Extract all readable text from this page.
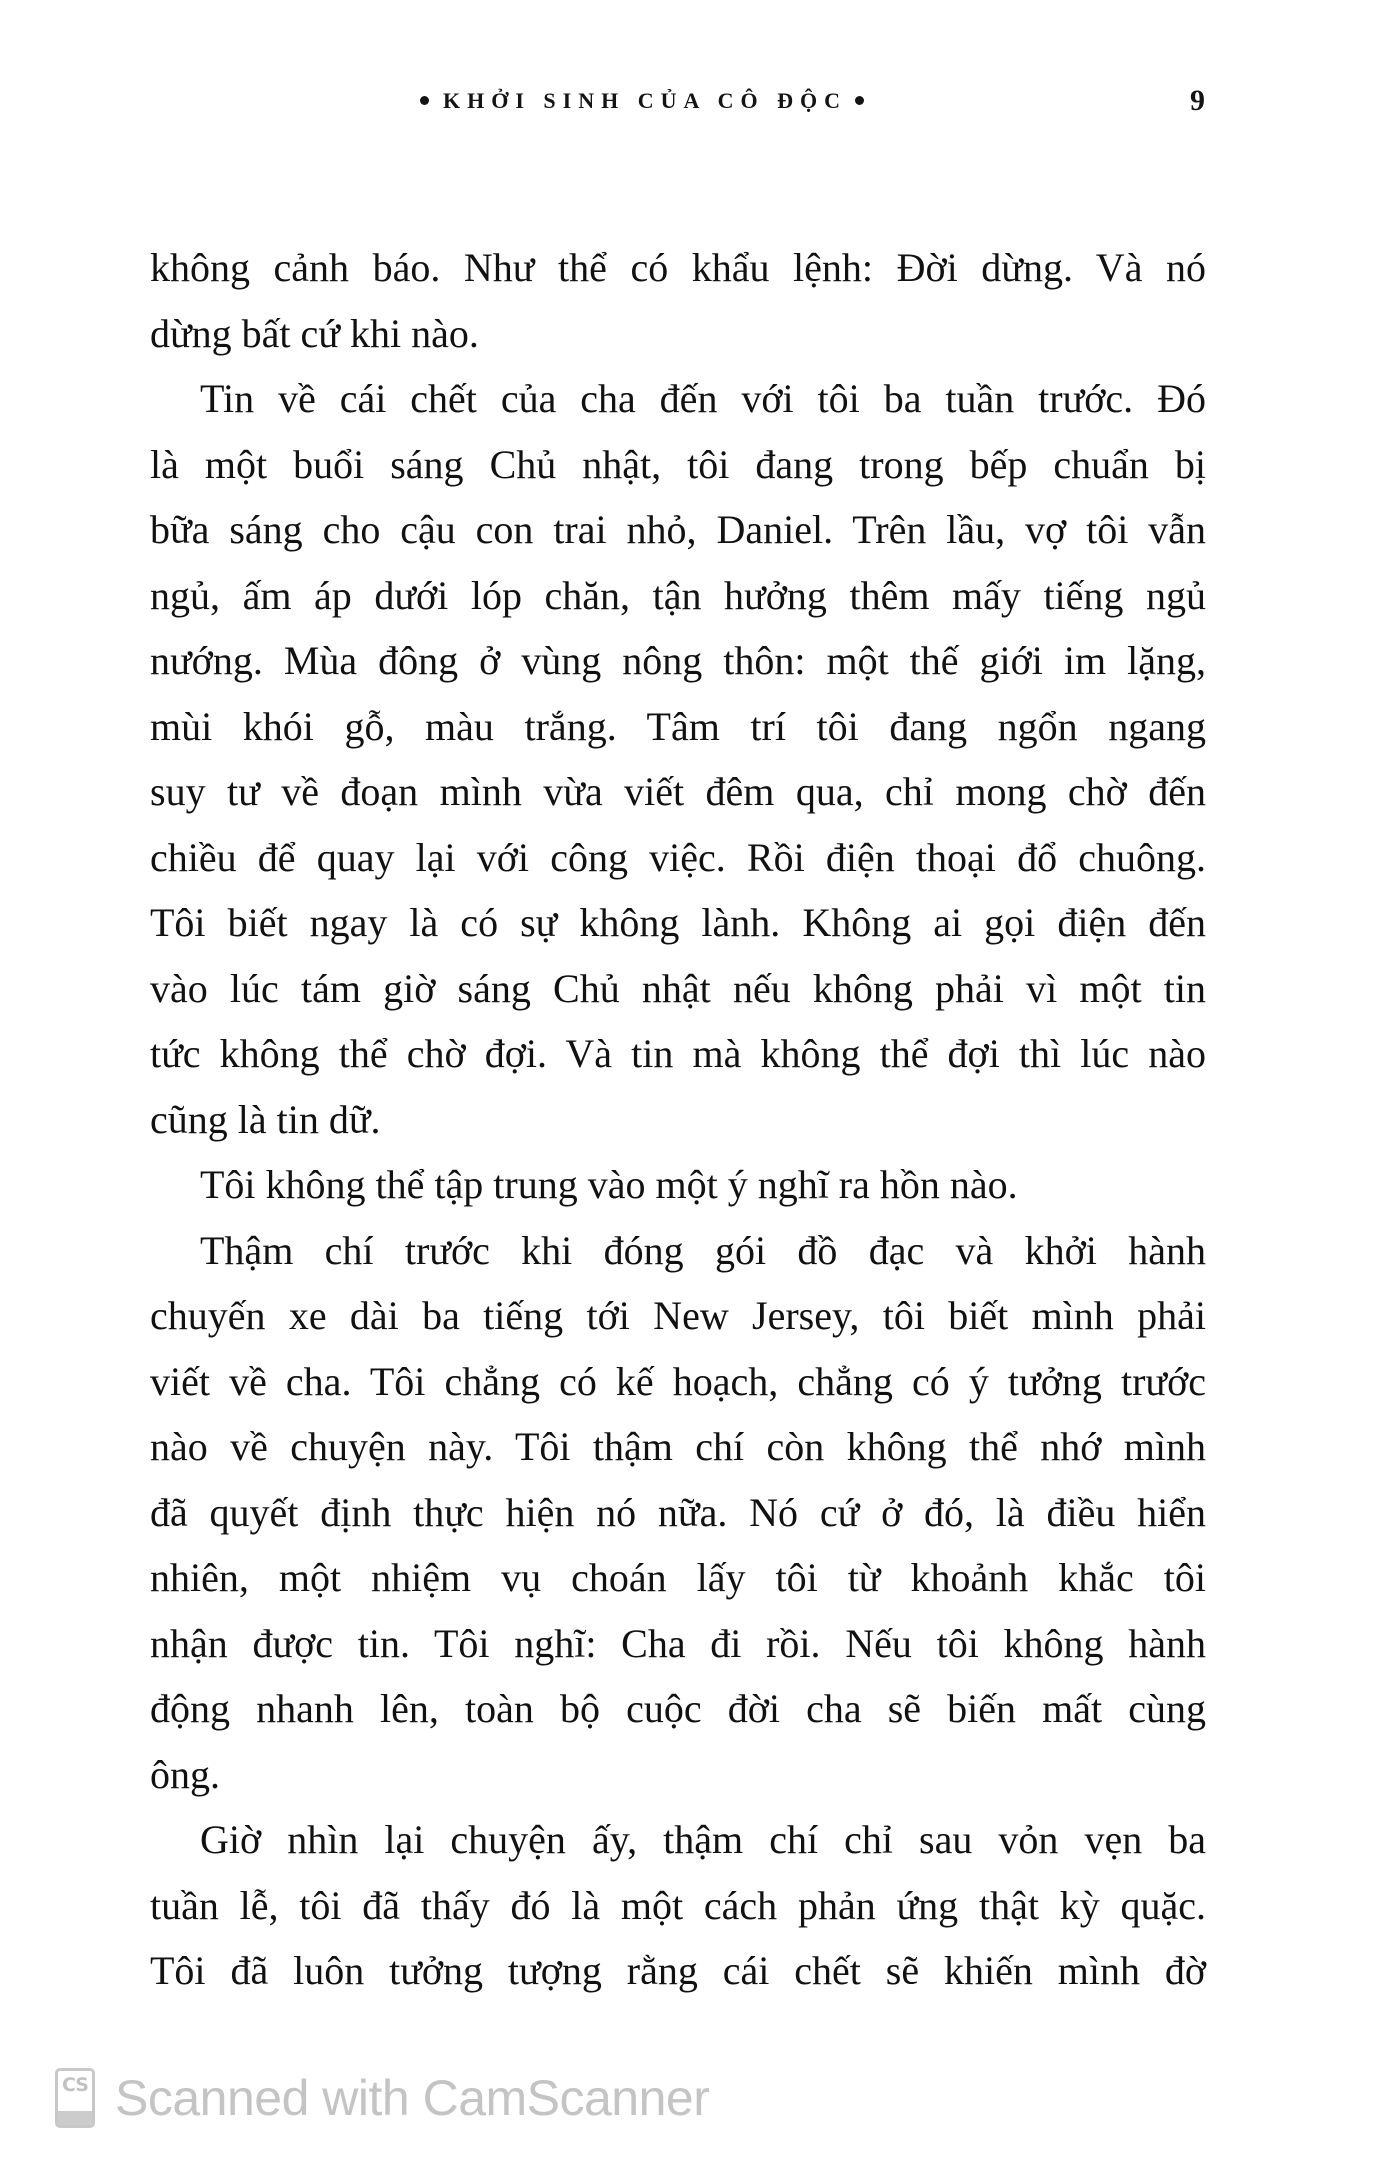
KHỞI SINH CỦA CÔ ĐỘC	9
không cảnh báo. Như thể có khẩu lệnh: Đời dừng. Và nó
dừng bất cứ khi nào.
Tin về cái chết của cha đến với tôi ba tuần trước. Đó
là một buổi sáng Chủ nhật, tôi đang trong bếp chuẩn bị
bữa sáng cho cậu con trai nhỏ, Daniel. Trên lầu, vợ tôi vẫn
ngủ, ấm áp dưới lóp chăn, tận hưởng thêm mấy tiếng ngủ
nướng. Mùa đông ở vùng nông thôn: một thế giới im lặng,
mùi khói gỗ, màu trắng. Tâm trí tôi đang ngổn ngang
suy tư về đoạn mình vừa viết đêm qua, chỉ mong chờ đến
chiều để quay lại với công việc. Rồi điện thoại đổ chuông.
Tôi biết ngay là có sự không lành. Không ai gọi điện đến
vào lúc tám giờ sáng Chủ nhật nếu không phải vì một tin
tức không thể chờ đợi. Và tin mà không thể đợi thì lúc nào
cũng là tin dữ.
Tôi không thể tập trung vào một ý nghĩ ra hồn nào.
Thậm chí trước khi đóng gói đồ đạc và khởi hành
chuyến xe dài ba tiếng tới New Jersey, tôi biết mình phải
viết về cha. Tôi chẳng có kế hoạch, chẳng có ý tưởng trước
nào về chuyện này. Tôi thậm chí còn không thể nhớ mình
đã quyết định thực hiện nó nữa. Nó cứ ở đó, là điều hiển
nhiên, một nhiệm vụ choán lấy tôi từ khoảnh khắc tôi
nhận được tin. Tôi nghĩ: Cha đi rồi. Nếu tôi không hành
động nhanh lên, toàn bộ cuộc đời cha sẽ biến mất cùng
ông.
Giờ nhìn lại chuyện ấy, thậm chí chỉ sau vỏn vẹn ba
tuần lễ, tôi đã thấy đó là một cách phản ứng thật kỳ quặc.
Tôi đã luôn tưởng tượng rằng cái chết sẽ khiến mình đờ
CS Scanned with CamScanner
